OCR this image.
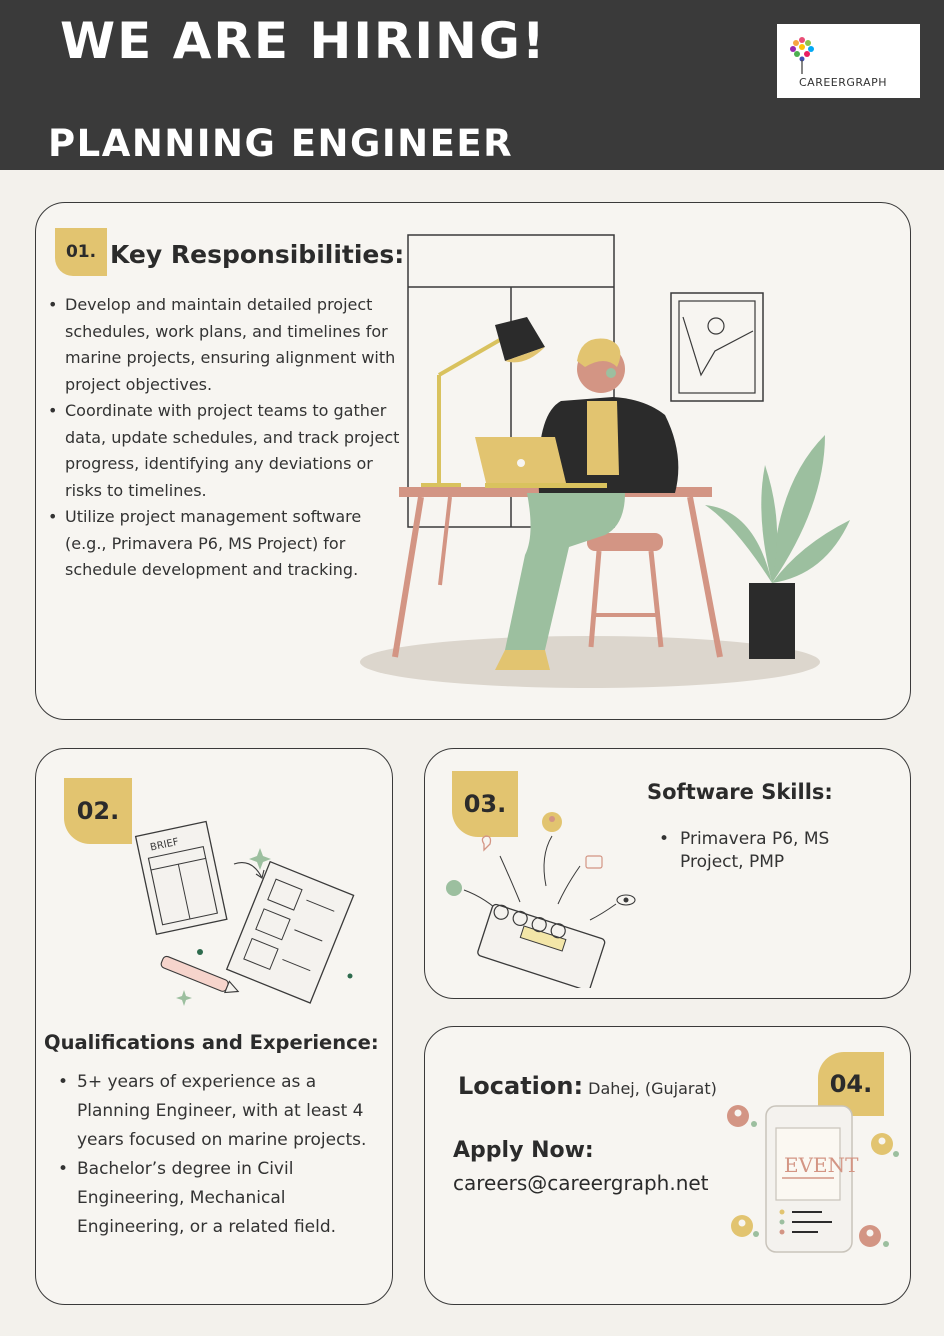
WE ARE HIRING!
PLANNING ENGINEER
CAREERGRAPH
01. Key Responsibilities:
• Develop and maintain detailed project schedules, work plans, and timelines for marine projects, ensuring alignment with project objectives.
• Coordinate with project teams to gather data, update schedules, and track project progress, identifying any deviations or risks to timelines.
• Utilize project management software (e.g., Primavera P6, MS Project) for schedule development and tracking.
02.
BRIEF
Qualifications and Experience:
• 5+ years of experience as a Planning Engineer, with at least 4 years focused on marine projects.
• Bachelor’s degree in Civil Engineering, Mechanical Engineering, or a related field.
03.	Software Skills:
• Primavera P6, MS Project, PMP
04.
Location: Dahej, (Gujarat)
Apply Now:
careers@careergraph.net
EVENT
